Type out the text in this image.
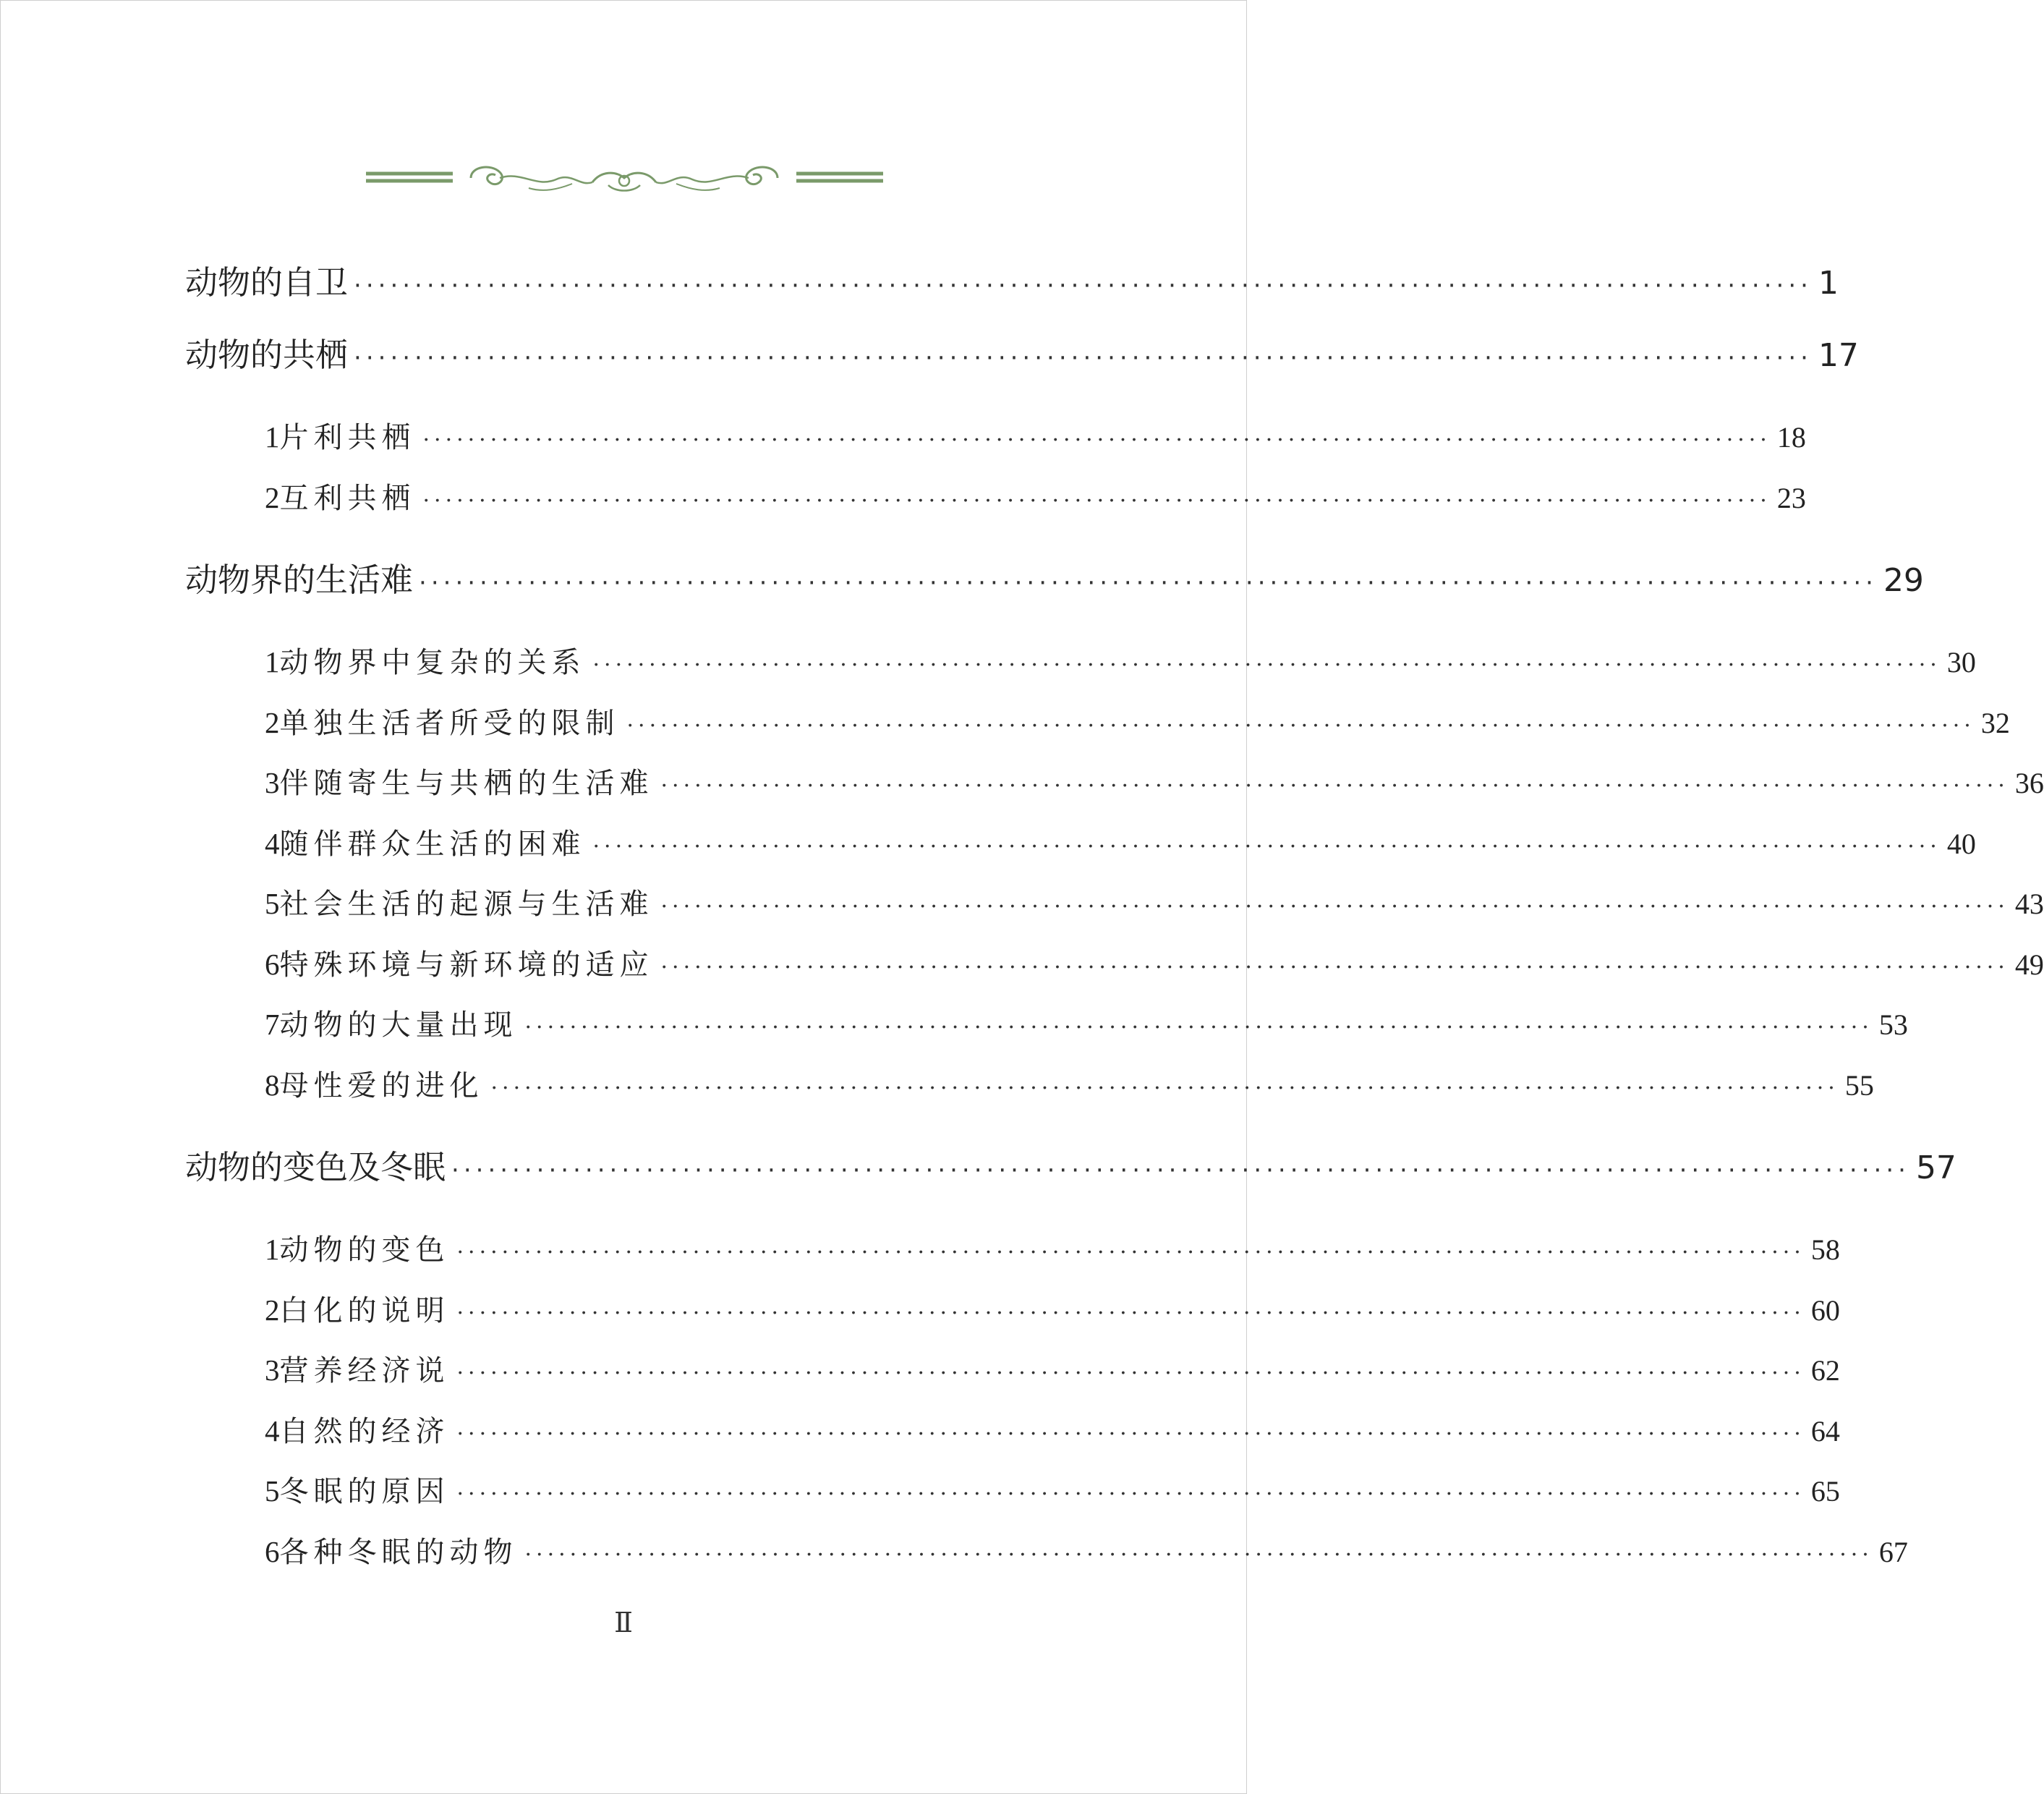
动物的自卫 ························································································································ 1
动物的共栖 ························································································································ 17
1 片利共栖 ························································································································ 18
2 互利共栖 ························································································································ 23
动物界的生活难 ························································································································ 29
1 动物界中复杂的关系 ························································································································ 30
2 单独生活者所受的限制 ························································································································ 32
3 伴随寄生与共栖的生活难 ························································································································ 36
4 随伴群众生活的困难 ························································································································ 40
5 社会生活的起源与生活难 ························································································································ 43
6 特殊环境与新环境的适应 ························································································································ 49
7 动物的大量出现 ························································································································ 53
8 母性爱的进化 ························································································································ 55
动物的变色及冬眠 ························································································································ 57
1 动物的变色 ························································································································ 58
2 白化的说明 ························································································································ 60
3 营养经济说 ························································································································ 62
4 自然的经济 ························································································································ 64
5 冬眠的原因 ························································································································ 65
6 各种冬眠的动物 ························································································································ 67
Ⅱ
